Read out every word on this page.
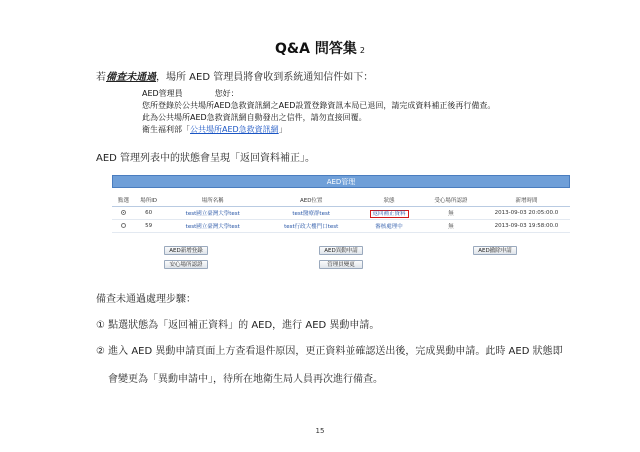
Q&A 問答集 2
若備查未通過，場所 AED 管理員將會收到系統通知信件如下：
AED管理員	您好：
您所登錄於公共場所AED急救資訊網之AED設置登錄資訊本局已退回，請完成資料補正後再行備查。
此為公共場所AED急救資訊網自動發出之信件，請勿直接回覆。
衛生福利部「公共場所AED急救資訊網」
AED 管理列表中的狀態會呈現「返回資料補正」。
AED管理
點選	場所ID	場所名稱	AED位置	狀態	受心場所認證	新增時間
	60	test國立臺灣大學test	test醫療群test	返回補正資料	無	2013-09-03 20:05:00.0
	59	test國立臺灣大學test	test行政大樓門口test	審核處理中	無	2013-09-03 19:58:00.0
AED新增登錄	AED異動申請	AED撤除申請
安心場所認證	管理員變更
備查未通過處理步驟：
① 點選狀態為「返回補正資料」的 AED，進行 AED 異動申請。
② 進入 AED 異動申請頁面上方查看退件原因，更正資料並確認送出後，完成異動申請。此時 AED 狀態即
會變更為「異動申請中」，待所在地衛生局人員再次進行備查。
15
